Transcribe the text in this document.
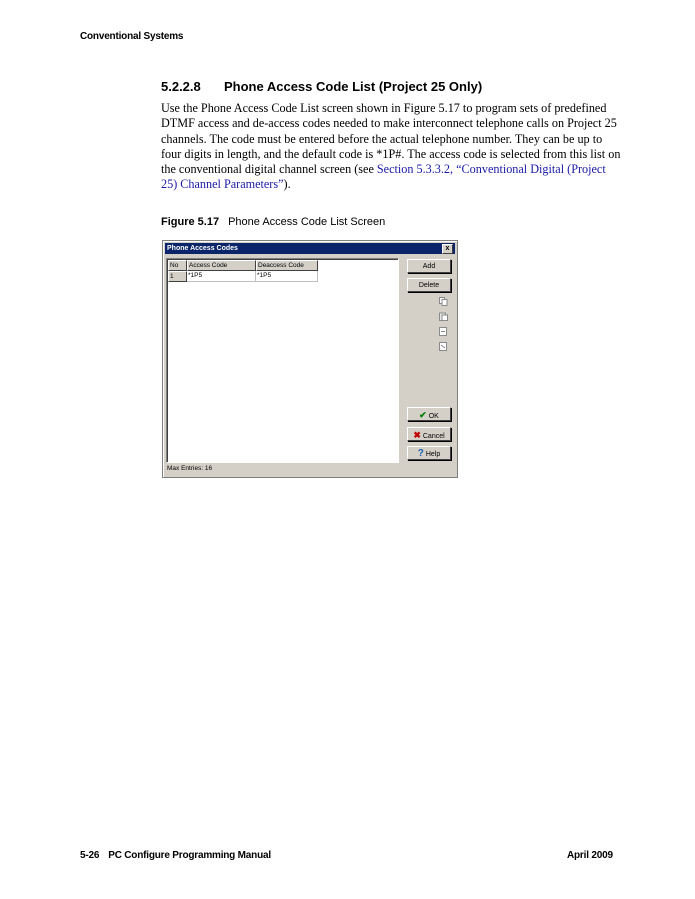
Conventional Systems
5.2.2.8 Phone Access Code List (Project 25 Only)
Use the Phone Access Code List screen shown in Figure 5.17 to program sets of predefined DTMF access and de-access codes needed to make interconnect telephone calls on Project 25 channels. The code must be entered before the actual telephone number. They can be up to four digits in length, and the default code is *1P#. The access code is selected from this list on the conventional digital channel screen (see Section 5.3.3.2, “Conventional Digital (Project 25) Channel Parameters”).
Figure 5.17 Phone Access Code List Screen
Phone Access Codes	x
No	Access Code	Deaccess Code
1	*1P5	*1P5
Add
Delete
✔ OK
✖ Cancel
? Help
Max Entries: 16
5-26 PC Configure Programming Manual	April 2009
